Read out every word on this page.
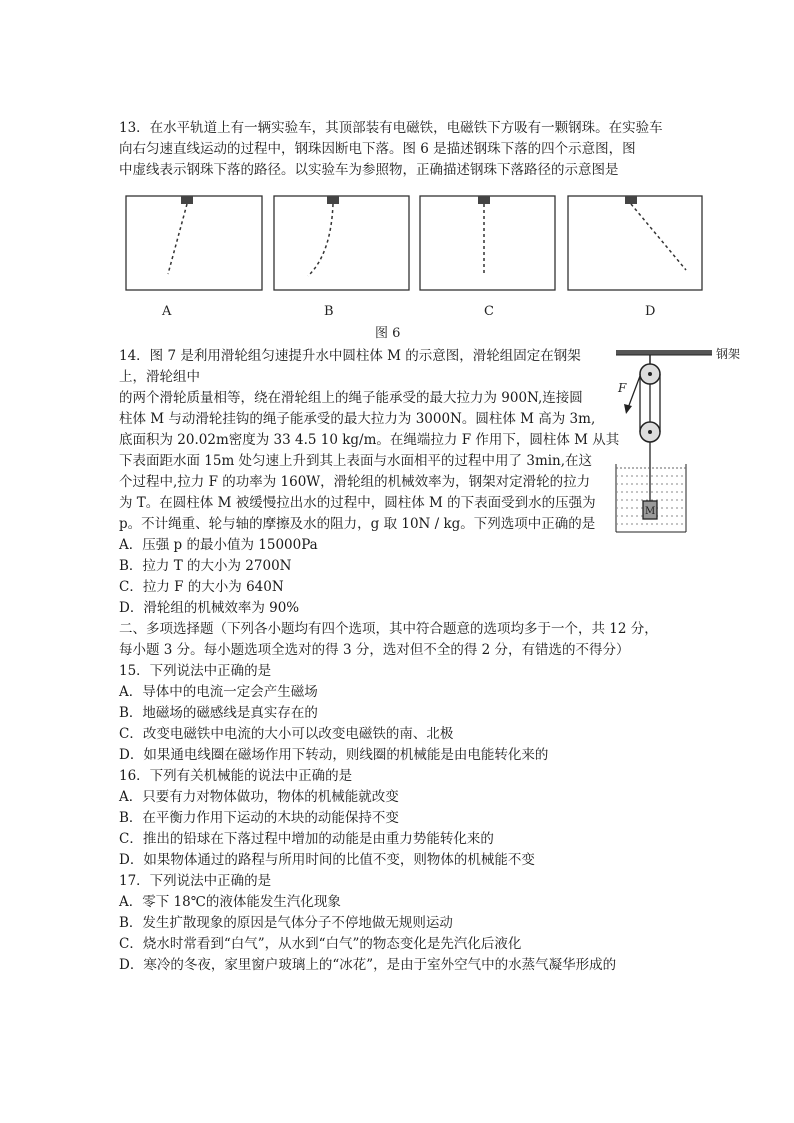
13．在水平轨道上有一辆实验车，其顶部装有电磁铁，电磁铁下方吸有一颗钢珠。在实验车
向右匀速直线运动的过程中，钢珠因断电下落。图 6 是描述钢珠下落的四个示意图，图
中虚线表示钢珠下落的路径。以实验车为参照物，正确描述钢珠下落路径的示意图是
A	B	C	D
图 6
14．图 7 是利用滑轮组匀速提升水中圆柱体 M 的示意图，滑轮组固定在钢架
上，滑轮组中
的两个滑轮质量相等，绕在滑轮组上的绳子能承受的最大拉力为 900N,连接圆
柱体 M 与动滑轮挂钩的绳子能承受的最大拉力为 3000N。圆柱体 M 高为 3m,
底面积为 20.02m密度为 33 4.5 10 kg/m。在绳端拉力 F 作用下，圆柱体 M 从其
下表面距水面 15m 处匀速上升到其上表面与水面相平的过程中用了 3min,在这
个过程中,拉力 F 的功率为 160W，滑轮组的机械效率为，钢架对定滑轮的拉力
为 T。在圆柱体 M 被缓慢拉出水的过程中，圆柱体 M 的下表面受到水的压强为
p。不计绳重、轮与轴的摩擦及水的阻力，g 取 10N / kg。下列选项中正确的是
A．压强 p 的最小值为 15000Pa
B．拉力 T 的大小为 2700N
C．拉力 F 的大小为 640N
D．滑轮组的机械效率为 90%
钢架
F
M
二、多项选择题（下列各小题均有四个选项，其中符合题意的选项均多于一个，共 12 分，
每小题 3 分。每小题选项全选对的得 3 分，选对但不全的得 2 分，有错选的不得分）
15．下列说法中正确的是
A．导体中的电流一定会产生磁场
B．地磁场的磁感线是真实存在的
C．改变电磁铁中电流的大小可以改变电磁铁的南、北极
D．如果通电线圈在磁场作用下转动，则线圈的机械能是由电能转化来的
16．下列有关机械能的说法中正确的是
A．只要有力对物体做功，物体的机械能就改变
B．在平衡力作用下运动的木块的动能保持不变
C．推出的铅球在下落过程中增加的动能是由重力势能转化来的
D．如果物体通过的路程与所用时间的比值不变，则物体的机械能不变
17．下列说法中正确的是
A．零下 18℃的液体能发生汽化现象
B．发生扩散现象的原因是气体分子不停地做无规则运动
C．烧水时常看到“白气”，从水到“白气”的物态变化是先汽化后液化
D．寒冷的冬夜，家里窗户玻璃上的“冰花”，是由于室外空气中的水蒸气凝华形成的
